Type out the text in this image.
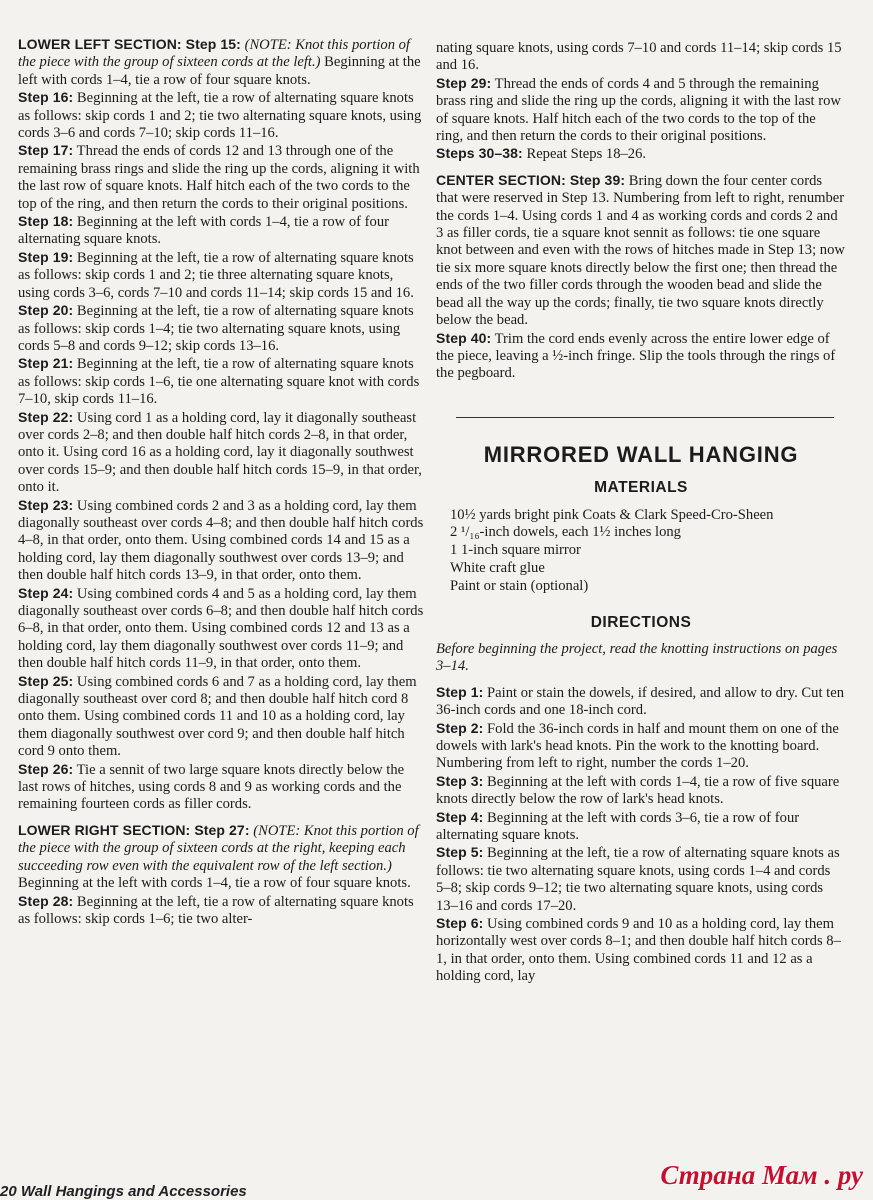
LOWER LEFT SECTION: Step 15: (NOTE: Knot this portion of the piece with the group of sixteen cords at the left.) Beginning at the left with cords 1–4, tie a row of four square knots.

Step 16: Beginning at the left, tie a row of alternating square knots as follows: skip cords 1 and 2; tie two alternating square knots, using cords 3–6 and cords 7–10; skip cords 11–16.

Step 17: Thread the ends of cords 12 and 13 through one of the remaining brass rings and slide the ring up the cords, aligning it with the last row of square knots. Half hitch each of the two cords to the top of the ring, and then return the cords to their original positions.

Step 18: Beginning at the left with cords 1–4, tie a row of four alternating square knots.

Step 19: Beginning at the left, tie a row of alternating square knots as follows: skip cords 1 and 2; tie three alternating square knots, using cords 3–6, cords 7–10 and cords 11–14; skip cords 15 and 16.

Step 20: Beginning at the left, tie a row of alternating square knots as follows: skip cords 1–4; tie two alternating square knots, using cords 5–8 and cords 9–12; skip cords 13–16.

Step 21: Beginning at the left, tie a row of alternating square knots as follows: skip cords 1–6, tie one alternating square knot with cords 7–10, skip cords 11–16.

Step 22: Using cord 1 as a holding cord, lay it diagonally southeast over cords 2–8; and then double half hitch cords 2–8, in that order, onto it. Using cord 16 as a holding cord, lay it diagonally southwest over cords 15–9; and then double half hitch cords 15–9, in that order, onto it.

Step 23: Using combined cords 2 and 3 as a holding cord, lay them diagonally southeast over cords 4–8; and then double half hitch cords 4–8, in that order, onto them. Using combined cords 14 and 15 as a holding cord, lay them diagonally southwest over cords 13–9; and then double half hitch cords 13–9, in that order, onto them.

Step 24: Using combined cords 4 and 5 as a holding cord, lay them diagonally southeast over cords 6–8; and then double half hitch cords 6–8, in that order, onto them. Using combined cords 12 and 13 as a holding cord, lay them diagonally southwest over cords 11–9; and then double half hitch cords 11–9, in that order, onto them.

Step 25: Using combined cords 6 and 7 as a holding cord, lay them diagonally southeast over cord 8; and then double half hitch cord 8 onto them. Using combined cords 11 and 10 as a holding cord, lay them diagonally southwest over cord 9; and then double half hitch cord 9 onto them.

Step 26: Tie a sennit of two large square knots directly below the last rows of hitches, using cords 8 and 9 as working cords and the remaining fourteen cords as filler cords.

LOWER RIGHT SECTION: Step 27: (NOTE: Knot this portion of the piece with the group of sixteen cords at the right, keeping each succeeding row even with the equivalent row of the left section.) Beginning at the left with cords 1–4, tie a row of four square knots.

Step 28: Beginning at the left, tie a row of alternating square knots as follows: skip cords 1–6; tie two alter-

nating square knots, using cords 7–10 and cords 11–14; skip cords 15 and 16.

Step 29: Thread the ends of cords 4 and 5 through the remaining brass ring and slide the ring up the cords, aligning it with the last row of square knots. Half hitch each of the two cords to the top of the ring, and then return the cords to their original positions.

Steps 30–38: Repeat Steps 18–26.

CENTER SECTION: Step 39: Bring down the four center cords that were reserved in Step 13. Numbering from left to right, renumber the cords 1–4. Using cords 1 and 4 as working cords and cords 2 and 3 as filler cords, tie a square knot sennit as follows: tie one square knot between and even with the rows of hitches made in Step 13; now tie six more square knots directly below the first one; then thread the ends of the two filler cords through the wooden bead and slide the bead all the way up the cords; finally, tie two square knots directly below the bead.

Step 40: Trim the cord ends evenly across the entire lower edge of the piece, leaving a ½-inch fringe. Slip the tools through the rings of the pegboard.

MIRRORED WALL HANGING
MATERIALS
10½ yards bright pink Coats & Clark Speed-Cro-Sheen
2 ¹/₁₆-inch dowels, each 1½ inches long
1 1-inch square mirror
White craft glue
Paint or stain (optional)
DIRECTIONS

Before beginning the project, read the knotting instructions on pages 3–14.

Step 1: Paint or stain the dowels, if desired, and allow to dry. Cut ten 36-inch cords and one 18-inch cord.

Step 2: Fold the 36-inch cords in half and mount them on one of the dowels with lark's head knots. Pin the work to the knotting board. Numbering from left to right, number the cords 1–20.

Step 3: Beginning at the left with cords 1–4, tie a row of five square knots directly below the row of lark's head knots.

Step 4: Beginning at the left with cords 3–6, tie a row of four alternating square knots.

Step 5: Beginning at the left, tie a row of alternating square knots as follows: tie two alternating square knots, using cords 1–4 and cords 5–8; skip cords 9–12; tie two alternating square knots, using cords 13–16 and cords 17–20.

Step 6: Using combined cords 9 and 10 as a holding cord, lay them horizontally west over cords 8–1; and then double half hitch cords 8–1, in that order, onto them. Using combined cords 11 and 12 as a holding cord, lay

20 Wall Hangings and Accessories
Страна Мам . ру
